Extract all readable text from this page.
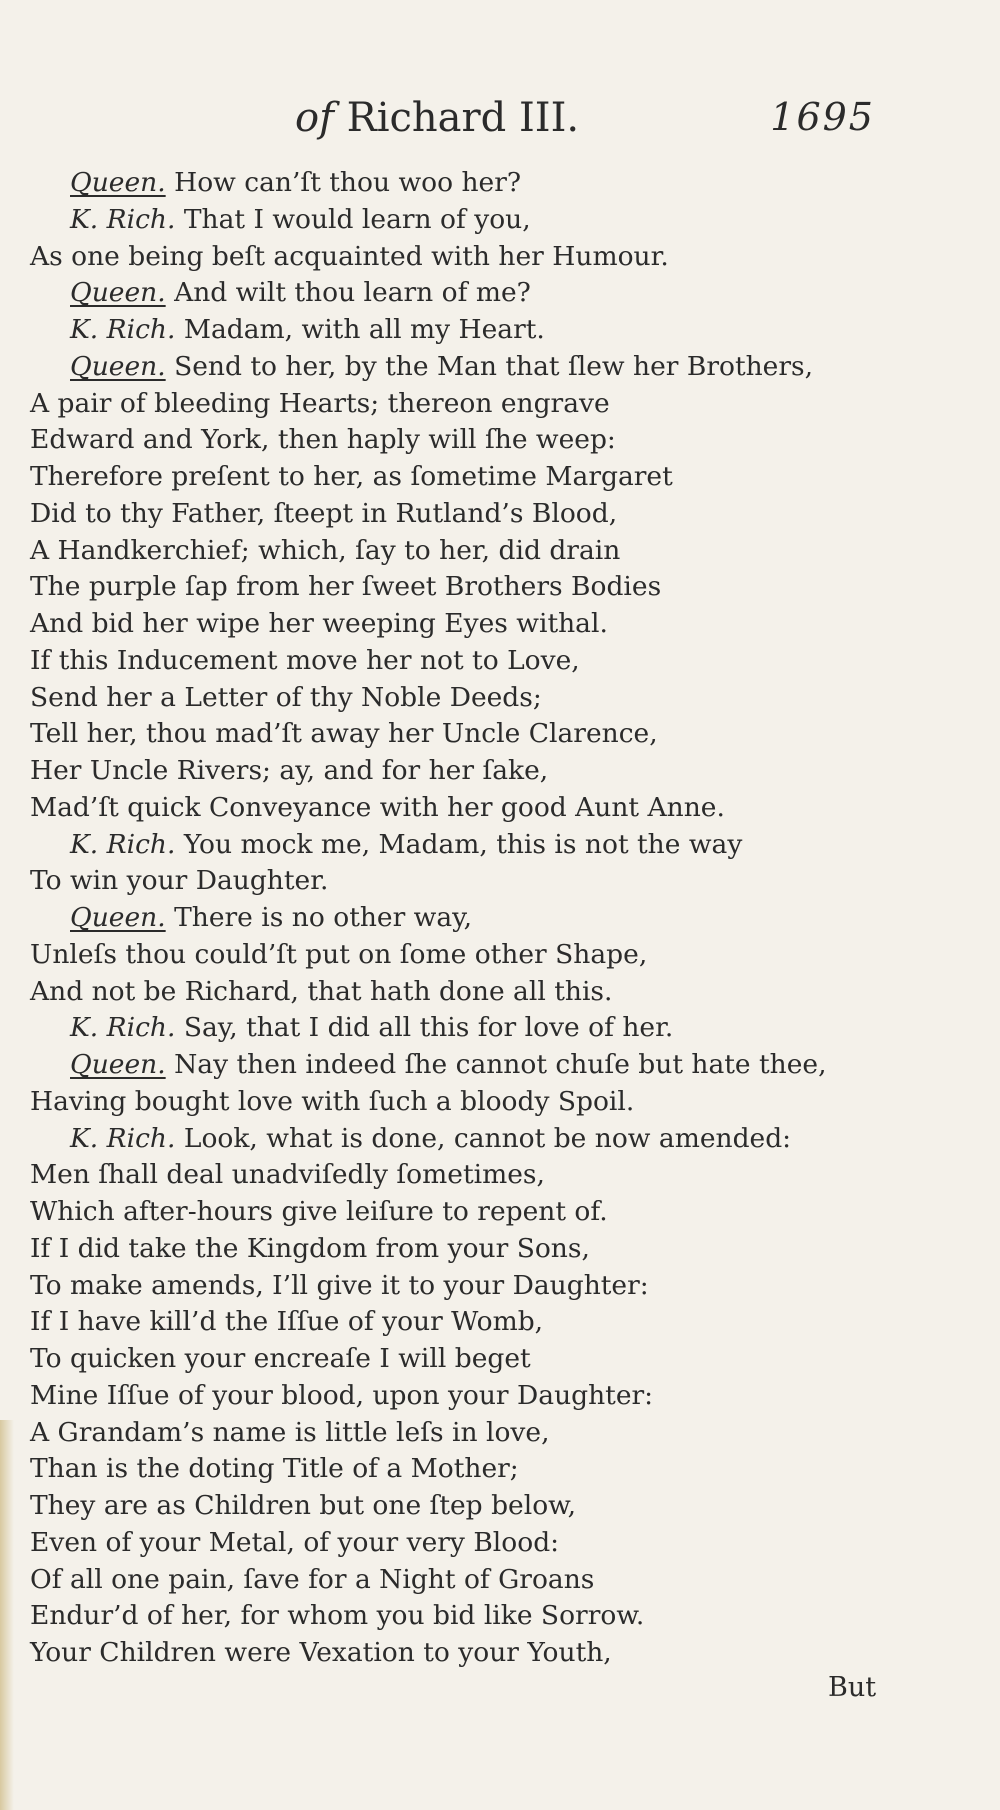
of Richard III.	1695
Queen. How can’ſt thou woo her?
K. Rich. That I would learn of you,
As one being beſt acquainted with her Humour.
Queen. And wilt thou learn of me?
K. Rich. Madam, with all my Heart.
Queen. Send to her, by the Man that ſlew her Brothers,
A pair of bleeding Hearts; thereon engrave
Edward and York, then haply will ſhe weep:
Therefore preſent to her, as ſometime Margaret
Did to thy Father, ſteept in Rutland’s Blood,
A Handkerchief; which, ſay to her, did drain
The purple ſap from her ſweet Brothers Bodies
And bid her wipe her weeping Eyes withal.
If this Inducement move her not to Love,
Send her a Letter of thy Noble Deeds;
Tell her, thou mad’ſt away her Uncle Clarence,
Her Uncle Rivers; ay, and for her ſake,
Mad’ſt quick Conveyance with her good Aunt Anne.
K. Rich. You mock me, Madam, this is not the way
To win your Daughter.
Queen. There is no other way,
Unleſs thou could’ſt put on ſome other Shape,
And not be Richard, that hath done all this.
K. Rich. Say, that I did all this for love of her.
Queen. Nay then indeed ſhe cannot chuſe but hate thee,
Having bought love with ſuch a bloody Spoil.
K. Rich. Look, what is done, cannot be now amended:
Men ſhall deal unadviſedly ſometimes,
Which after-hours give leiſure to repent of.
If I did take the Kingdom from your Sons,
To make amends, I’ll give it to your Daughter:
If I have kill’d the Iſſue of your Womb,
To quicken your encreaſe I will beget
Mine Iſſue of your blood, upon your Daughter:
A Grandam’s name is little leſs in love,
Than is the doting Title of a Mother;
They are as Children but one ſtep below,
Even of your Metal, of your very Blood:
Of all one pain, ſave for a Night of Groans
Endur’d of her, for whom you bid like Sorrow.
Your Children were Vexation to your Youth,
But
